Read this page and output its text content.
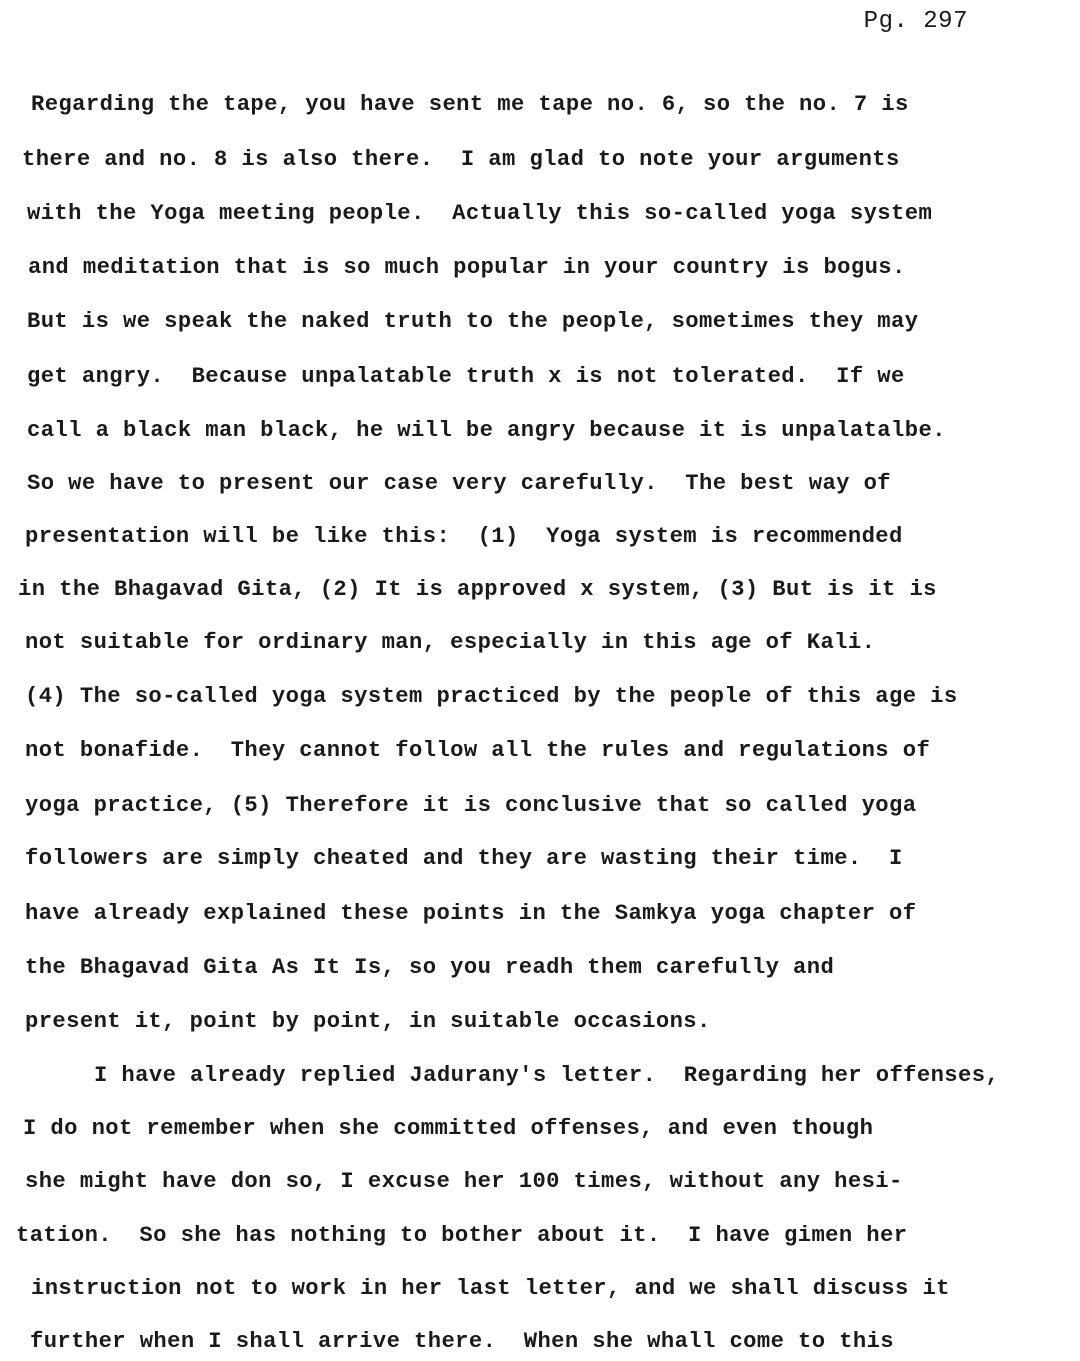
Pg. 297
Regarding the tape, you have sent me tape no. 6, so the no. 7 is
there and no. 8 is also there.  I am glad to note your arguments
with the Yoga meeting people.  Actually this so-called yoga system
and meditation that is so much popular in your country is bogus.
But is we speak the naked truth to the people, sometimes they may
get angry.  Because unpalatable truth x is not tolerated.  If we
call a black man black, he will be angry because it is unpalatalbe.
So we have to present our case very carefully.  The best way of
presentation will be like this:  (1)  Yoga system is recommended
in the Bhagavad Gita, (2) It is approved x system, (3) But is it is
not suitable for ordinary man, especially in this age of Kali.
(4) The so-called yoga system practiced by the people of this age is
not bonafide.  They cannot follow all the rules and regulations of
yoga practice, (5) Therefore it is conclusive that so called yoga
followers are simply cheated and they are wasting their time.  I
have already explained these points in the Samkya yoga chapter of
the Bhagavad Gita As It Is, so you readh them carefully and
present it, point by point, in suitable occasions.
I have already replied Jadurany's letter.  Regarding her offenses,
I do not remember when she committed offenses, and even though
she might have don so, I excuse her 100 times, without any hesi-
tation.  So she has nothing to bother about it.  I have gimen her
instruction not to work in her last letter, and we shall discuss it
further when I shall arrive there.  When she whall come to this
